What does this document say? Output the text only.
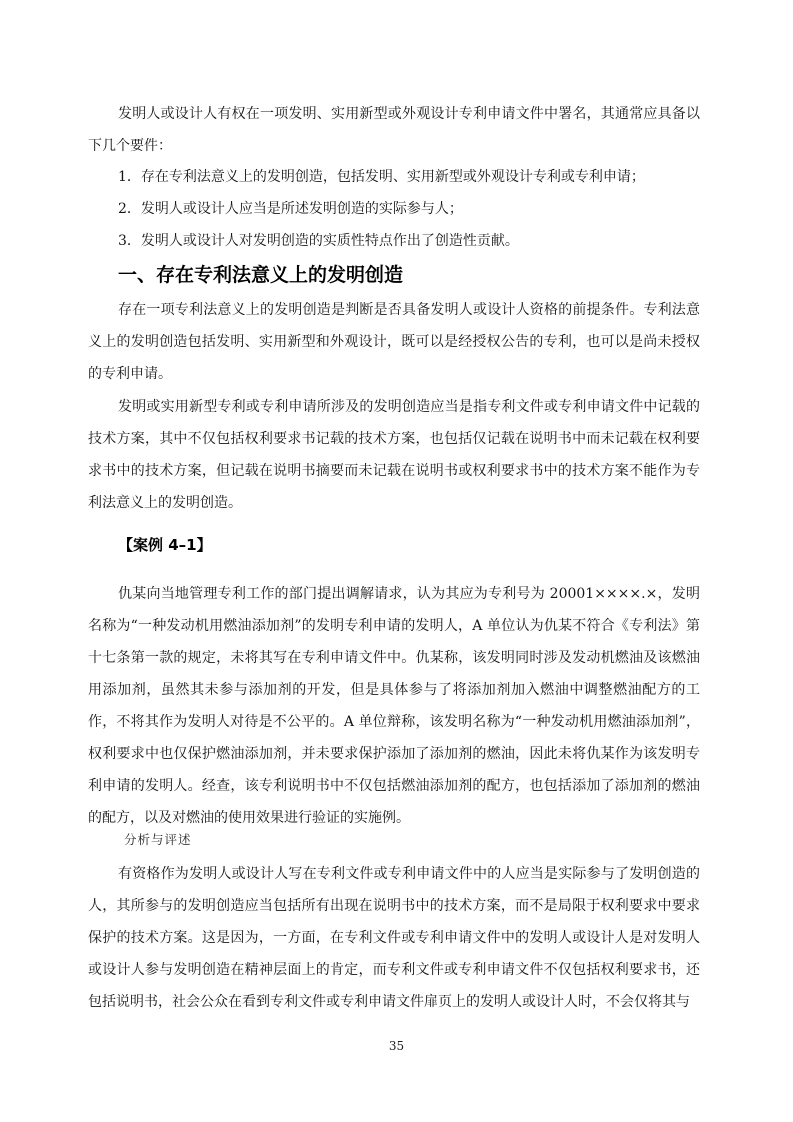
发明人或设计人有权在一项发明、实用新型或外观设计专利申请文件中署名，其通常应具备以下几个要件：

1．存在专利法意义上的发明创造，包括发明、实用新型或外观设计专利或专利申请；

2．发明人或设计人应当是所述发明创造的实际参与人；

3．发明人或设计人对发明创造的实质性特点作出了创造性贡献。

一、存在专利法意义上的发明创造

存在一项专利法意义上的发明创造是判断是否具备发明人或设计人资格的前提条件。专利法意义上的发明创造包括发明、实用新型和外观设计，既可以是经授权公告的专利，也可以是尚未授权的专利申请。

发明或实用新型专利或专利申请所涉及的发明创造应当是指专利文件或专利申请文件中记载的技术方案，其中不仅包括权利要求书记载的技术方案，也包括仅记载在说明书中而未记载在权利要求书中的技术方案，但记载在说明书摘要而未记载在说明书或权利要求书中的技术方案不能作为专利法意义上的发明创造。

【案例 4–1】

仇某向当地管理专利工作的部门提出调解请求，认为其应为专利号为 20001××××.×，发明名称为“一种发动机用燃油添加剂”的发明专利申请的发明人，A 单位认为仇某不符合《专利法》第十七条第一款的规定，未将其写在专利申请文件中。仇某称，该发明同时涉及发动机燃油及该燃油用添加剂，虽然其未参与添加剂的开发，但是具体参与了将添加剂加入燃油中调整燃油配方的工作，不将其作为发明人对待是不公平的。A 单位辩称，该发明名称为“一种发动机用燃油添加剂”，权利要求中也仅保护燃油添加剂，并未要求保护添加了添加剂的燃油，因此未将仇某作为该发明专利申请的发明人。经查，该专利说明书中不仅包括燃油添加剂的配方，也包括添加了添加剂的燃油的配方，以及对燃油的使用效果进行验证的实施例。

分析与评述

有资格作为发明人或设计人写在专利文件或专利申请文件中的人应当是实际参与了发明创造的人，其所参与的发明创造应当包括所有出现在说明书中的技术方案，而不是局限于权利要求中要求保护的技术方案。这是因为，一方面，在专利文件或专利申请文件中的发明人或设计人是对发明人或设计人参与发明创造在精神层面上的肯定，而专利文件或专利申请文件不仅包括权利要求书，还包括说明书，社会公众在看到专利文件或专利申请文件扉页上的发明人或设计人时，不会仅将其与

35
